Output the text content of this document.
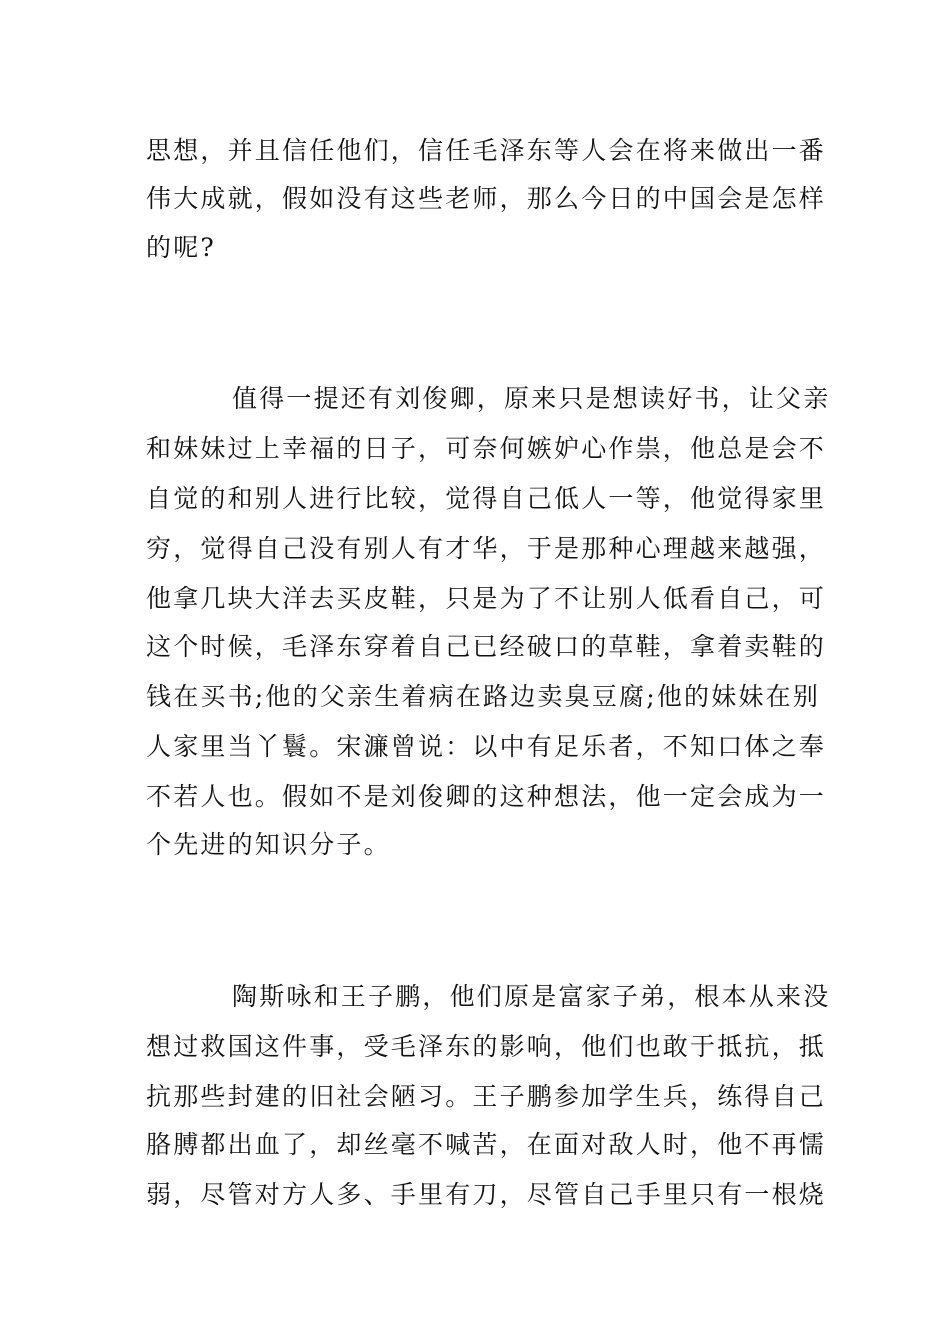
思想，并且信任他们，信任毛泽东等人会在将来做出一番
伟大成就，假如没有这些老师，那么今日的中国会是怎样
的呢?
值得一提还有刘俊卿，原来只是想读好书，让父亲
和妹妹过上幸福的日子，可奈何嫉妒心作祟，他总是会不
自觉的和别人进行比较，觉得自己低人一等，他觉得家里
穷，觉得自己没有别人有才华，于是那种心理越来越强，
他拿几块大洋去买皮鞋，只是为了不让别人低看自己，可
这个时候，毛泽东穿着自己已经破口的草鞋，拿着卖鞋的
钱在买书;他的父亲生着病在路边卖臭豆腐;他的妹妹在别
人家里当丫鬟。宋濂曾说：以中有足乐者，不知口体之奉
不若人也。假如不是刘俊卿的这种想法，他一定会成为一
个先进的知识分子。
陶斯咏和王子鹏，他们原是富家子弟，根本从来没
想过救国这件事，受毛泽东的影响，他们也敢于抵抗，抵
抗那些封建的旧社会陋习。王子鹏参加学生兵，练得自己
胳膊都出血了，却丝毫不喊苦，在面对敌人时，他不再懦
弱，尽管对方人多、手里有刀，尽管自己手里只有一根烧
